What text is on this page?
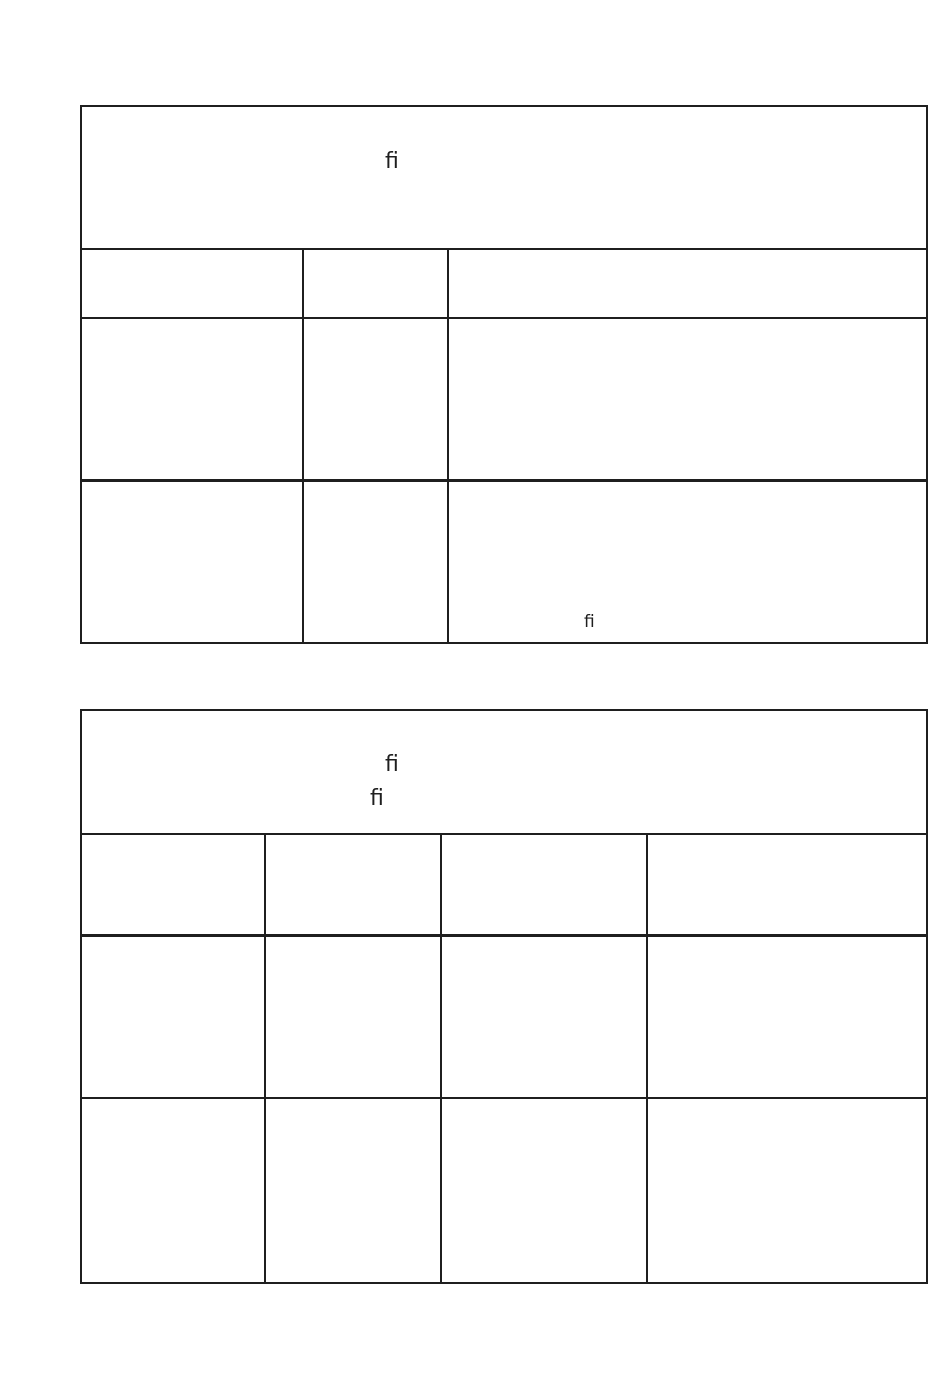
ﬁ
ﬁ
ﬁ
ﬁ
